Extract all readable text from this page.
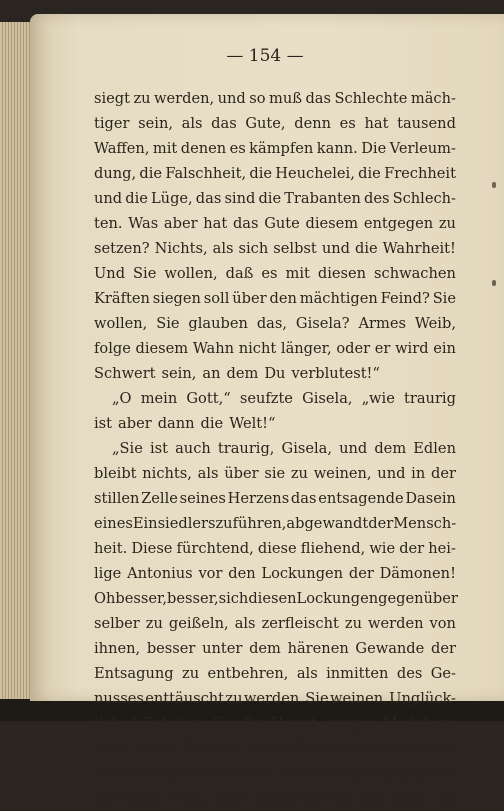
— 154 —
siegt zu werden, und so muß das Schlechte mäch-
tiger sein, als das Gute, denn es hat tausend
Waffen, mit denen es kämpfen kann. Die Verleum-
dung, die Falschheit, die Heuchelei, die Frechheit
und die Lüge, das sind die Trabanten des Schlech-
ten. Was aber hat das Gute diesem entgegen zu
setzen? Nichts, als sich selbst und die Wahrheit!
Und Sie wollen, daß es mit diesen schwachen
Kräften siegen soll über den mächtigen Feind? Sie
wollen, Sie glauben das, Gisela? Armes Weib,
folge diesem Wahn nicht länger, oder er wird ein
Schwert sein, an dem Du verblutest!“
„O mein Gott,“ seufzte Gisela, „wie traurig
ist aber dann die Welt!“
„Sie ist auch traurig, Gisela, und dem Edlen
bleibt nichts, als über sie zu weinen, und in der
stillen Zelle seines Herzens das entsagende Dasein
eines Einsiedlers zu führen, abgewandt der Mensch-
heit. Diese fürchtend, diese fliehend, wie der hei-
lige Antonius vor den Lockungen der Dämonen!
Oh besser, besser, sich diesen Lockungen gegenüber
selber zu geißeln, als zerfleischt zu werden von
ihnen, besser unter dem härenen Gewande der
Entsagung zu entbehren, als inmitten des Ge-
nusses enttäuscht zu werden. Sie weinen, Unglück-
liche? Erheben Sie Ihr Haupt, junges Mädchen,
nein, keine Thränen mehr für die Erbärmlichkeit
dieser Welt. Verachten Sie, verwünschen und hassen
Sie diese Welt, aber beweinen Sie sie nicht. Es
